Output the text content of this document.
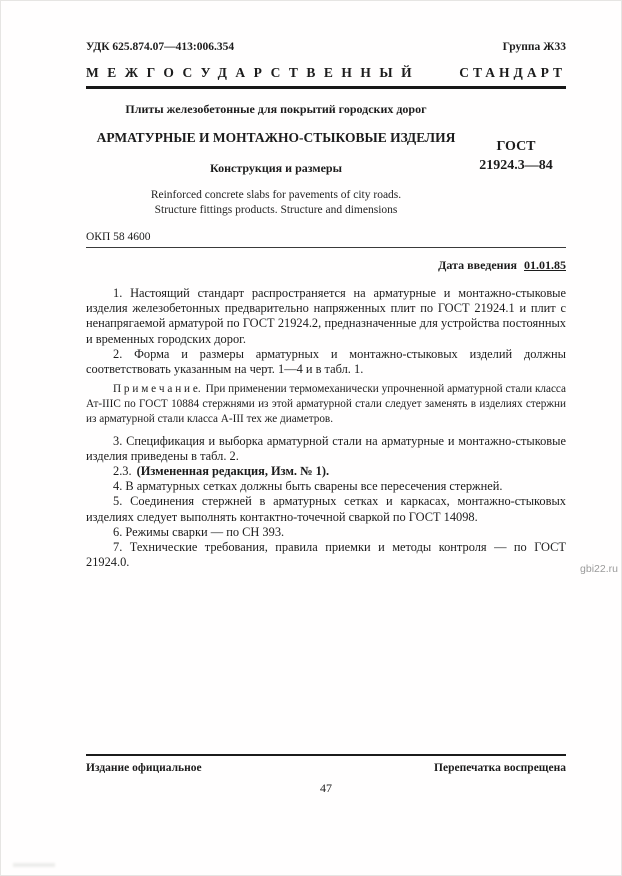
УДК 625.874.07—413:006.354	Группа Ж33
МЕЖГОСУДАРСТВЕННЫЙ	СТАНДАРТ
Плиты железобетонные для покрытий городских дорог
АРМАТУРНЫЕ И МОНТАЖНО-СТЫКОВЫЕ ИЗДЕЛИЯ
Конструкция и размеры
Reinforced concrete slabs for pavements of city roads.
Structure fittings products. Structure and dimensions
ГОСТ
21924.3—84
ОКП 58 4600
Дата введения 01.01.85

1. Настоящий стандарт распространяется на арматурные и монтажно-стыковые изделия железобетонных предварительно напряженных плит по ГОСТ 21924.1 и плит с ненапрягаемой арматурой по ГОСТ 21924.2, предназначенные для устройства постоянных и временных городских дорог.

2. Форма и размеры арматурных и монтажно-стыковых изделий должны соответствовать указанным на черт. 1—4 и в табл. 1.

П р и м е ч а н и е. При применении термомеханически упрочненной арматурной стали класса Ат-IIIС по ГОСТ 10884 стержнями из этой арматурной стали следует заменять в изделиях стержни из арматурной стали класса А-III тех же диаметров.

3. Спецификация и выборка арматурной стали на арматурные и монтажно-стыковые изделия приведены в табл. 2.

2.3. (Измененная редакция, Изм. № 1).

4. В арматурных сетках должны быть сварены все пересечения стержней.

5. Соединения стержней в арматурных сетках и каркасах, монтажно-стыковых изделиях следует выполнять контактно-точечной сваркой по ГОСТ 14098.

6. Режимы сварки — по СН 393.

7. Технические требования, правила приемки и методы контроля — по ГОСТ 21924.0.

Издание официальное	Перепечатка воспрещена
47
gbi22.ru
